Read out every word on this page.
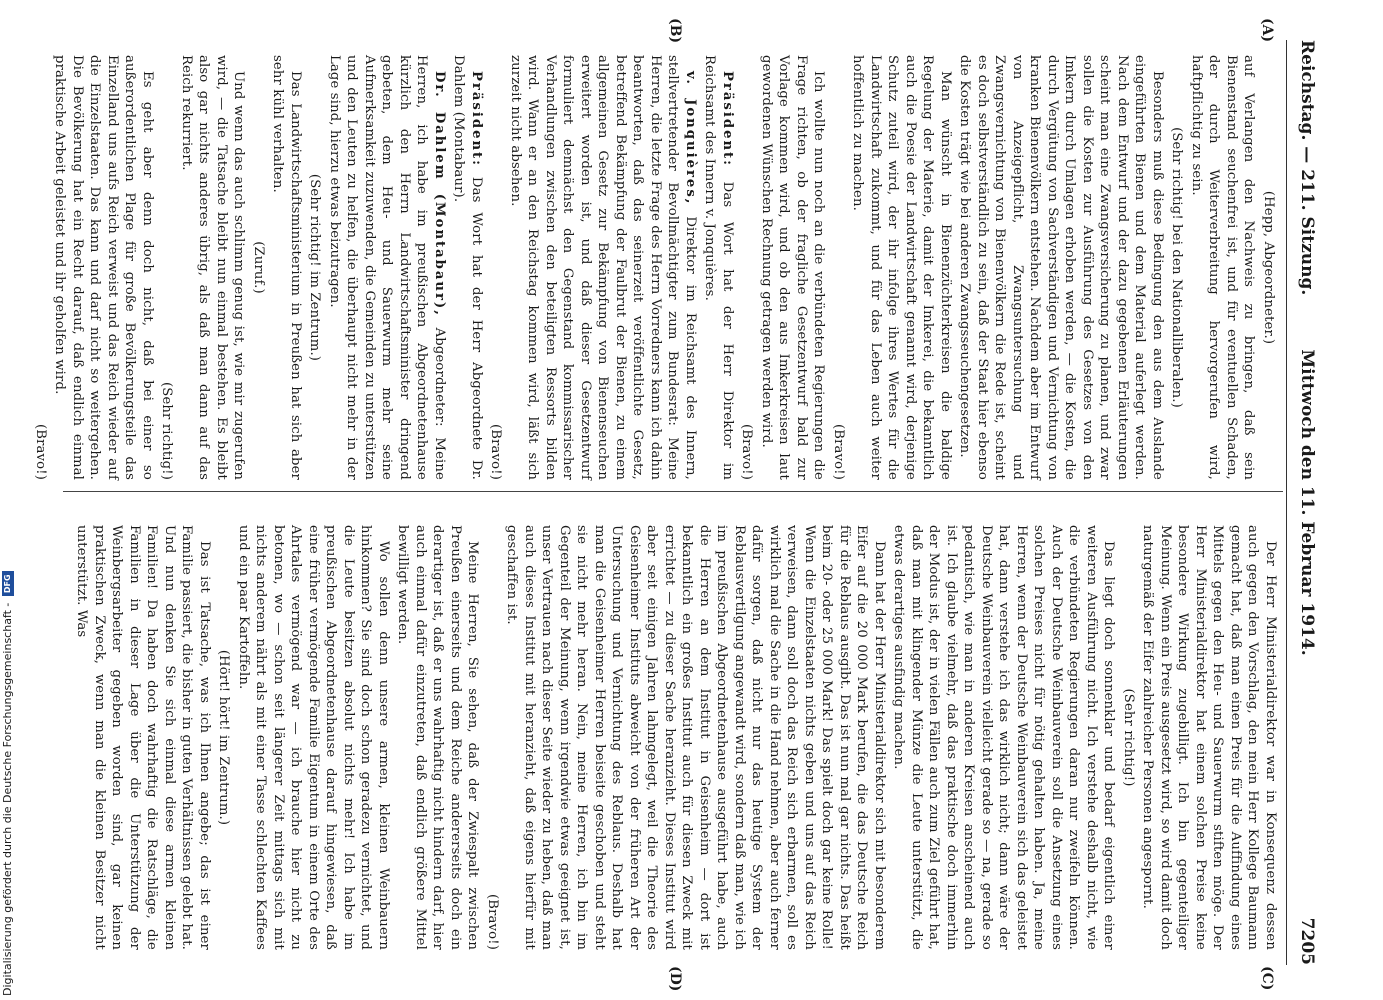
Digitalisierung gefördert durch die Deutsche Forschungsgemeinschaft - DFG
Reichstag. — 211. Sitzung.
Mittwoch den 11. Februar 1914.
7205
(A)
(B)
(C)
(D)

(Hepp, Abgeordneter.)

auf Verlangen den Nachweis zu bringen, daß sein Bienenstand seuchenfrei ist, und für eventuellen Schaden, der durch Weiterverbreitung hervorgerufen wird, haftpflichtig zu sein.

(Sehr richtig! bei den Nationalliberalen.)

Besonders muß diese Bedingung den aus dem Auslande eingeführten Bienen und dem Material auferlegt werden. Nach dem Entwurf und der dazu gegebenen Erläuterungen scheint man eine Zwangsversicherung zu planen, und zwar sollen die Kosten zur Ausführung des Gesetzes von den Imkern durch Umlagen erhoben werden, — die Kosten, die durch Vergütung von Sachverständigen und Vernichtung von kranken Bienenvölkern entstehen. Nachdem aber im Entwurf von Anzeigepflicht, Zwangsuntersuchung und Zwangsvernichtung von Bienenvölkern die Rede ist, scheint es doch selbstverständlich zu sein, daß der Staat hier ebenso die Kosten trägt wie bei anderen Zwangsseuchengesetzen.

Man wünscht in Bienenzüchterkreisen die baldige Regelung der Materie, damit der Imkerei, die bekanntlich auch die Poesie der Landwirtschaft genannt wird, derjenige Schutz zuteil wird, der ihr infolge ihres Wertes für die Landwirtschaft zukommt, und für das Leben auch weiter hoffentlich zu machen.

(Bravo!)

Ich wollte nun noch an die verbündeten Regierungen die Frage richten, ob der fragliche Gesetzentwurf bald zur Vorlage kommen wird, und ob den aus Imkerkreisen laut gewordenen Wünschen Rechnung getragen werden wird.

(Bravo!)

Präsident: Das Wort hat der Herr Direktor im Reichsamt des Innern v. Jonquières.

v. Jonquières, Direktor im Reichsamt des Innern, stellvertretender Bevollmächtigter zum Bundesrat: Meine Herren, die letzte Frage des Herrn Vorredners kann ich dahin beantworten, daß das seinerzeit veröffentlichte Gesetz, betreffend Bekämpfung der Faulbrut der Bienen, zu einem allgemeinen Gesetz zur Bekämpfung von Bienenseuchen erweitert worden ist, und daß dieser Gesetzentwurf formuliert demnächst den Gegenstand kommissarischer Verhandlungen zwischen den beteiligten Ressorts bilden wird. Wann er an den Reichstag kommen wird, läßt sich zurzeit nicht absehen.

(Bravo!)

Präsident: Das Wort hat der Herr Abgeordnete Dr. Dahlem (Montabaur).

Dr. Dahlem (Montabaur), Abgeordneter: Meine Herren, ich habe im preußischen Abgeordnetenhause kürzlich den Herrn Landwirtschaftsminister dringend gebeten, dem Heu- und Sauerwurm mehr seine Aufmerksamkeit zuzuwenden, die Gemeinden zu unterstützen und den Leuten zu helfen, die überhaupt nicht mehr in der Lage sind, hierzu etwas beizutragen.

(Sehr richtig! im Zentrum.)

Das Landwirtschaftsministerium in Preußen hat sich aber sehr kühl verhalten.

(Zuruf.)

Und wenn das auch schlimm genug ist, wie mir zugerufen wird, — die Tatsache bleibt nun einmal bestehen. Es bleibt also gar nichts anderes übrig, als daß man dann auf das Reich rekurriert.

(Sehr richtig!)

Es geht aber denn doch nicht, daß bei einer so außerordentlichen Plage für große Bevölkerungsteile das Einzelland uns aufs Reich verweist und das Reich wieder auf die Einzelstaaten. Das kann und darf nicht so weitergehen. Die Bevölkerung hat ein Recht darauf, daß endlich einmal praktische Arbeit geleistet und ihr geholfen wird.

(Bravo!)

Der Herr Ministerialdirektor war in Konsequenz dessen auch gegen den Vorschlag, den mein Herr Kollege Baumann gemacht hat, daß man einen Preis für die Auffindung eines Mittels gegen den Heu- und Sauerwurm stiften möge. Der Herr Ministerialdirektor hat einem solchen Preise keine besondere Wirkung zugebilligt. Ich bin gegenteiliger Meinung. Wenn ein Preis ausgesetzt wird, so wird damit doch naturgemäß der Eifer zahlreicher Personen angespornt.

(Sehr richtig!)

Das liegt doch sonnenklar und bedarf eigentlich einer weiteren Ausführung nicht. Ich verstehe deshalb nicht, wie die verbündeten Regierungen daran nur zweifeln können. Auch der Deutsche Weinbauverein soll die Ansetzung eines solchen Preises nicht für nötig gehalten haben. Ja, meine Herren, wenn der Deutsche Weinbauverein sich das geleistet hat, dann verstehe ich das wirklich nicht; dann wäre der Deutsche Weinbauverein vielleicht gerade so — na, gerade so pedantisch, wie man in anderen Kreisen anscheinend auch ist. Ich glaube vielmehr, daß das praktische doch immerhin der Modus ist, der in vielen Fällen auch zum Ziel geführt hat, daß man mit klingender Münze die Leute unterstützt, die etwas derartiges ausfindig machen.

Dann hat der Herr Ministerialdirektor sich mit besonderem Eifer auf die 20 000 Mark berufen, die das Deutsche Reich für die Reblaus ausgibt. Das ist nun mal gar nichts. Das heißt beim 20- oder 25 000 Mark! Das spielt doch gar keine Rolle! Wenn die Einzelstaaten nichts geben und uns auf das Reich verweisen, dann soll doch das Reich sich erbarmen, soll es wirklich mal die Sache in die Hand nehmen, aber auch ferner dafür sorgen, daß nicht nur das heutige System der Reblausvertilgung angewandt wird, sondern daß man, wie ich im preußischen Abgeordnetenhause ausgeführt habe, auch die Herren an dem Institut in Geisenheim — dort ist bekanntlich ein großes Institut auch für diesen Zweck mit errichtet — zu dieser Sache heranzieht. Dieses Institut wird aber seit einigen Jahren lahmgelegt, weil die Theorie des Geisenheimer Instituts abweicht von der früheren Art der Untersuchung und Vernichtung des Reblaus. Deshalb hat man die Geisenheimer Herren beiseite geschoben und steht sie nicht mehr heran. Nein, meine Herren, ich bin im Gegenteil der Meinung, wenn irgendwie etwas geeignet ist, unser Vertrauen nach dieser Seite wieder zu heben, daß man auch dieses Institut mit heranzieht, daß eigens hierfür mit geschaffen ist.

(Bravo!)

Meine Herren, Sie sehen, daß der Zwiespalt zwischen Preußen einerseits und dem Reiche andererseits doch ein derartiger ist, daß er uns wahrhaftig nicht hindern darf, hier auch einmal dafür einzutreten, daß endlich größere Mittel bewilligt werden.

Wo sollen denn unsere armen, kleinen Weinbauern hinkommen? Sie sind doch schon geradezu vernichtet, und die Leute besitzen absolut nichts mehr! Ich habe im preußischen Abgeordnetenhause darauf hingewiesen, daß eine früher vermögende Familie Eigentum in einem Orte des Ahrtales vermögend war — ich brauche hier nicht zu betonen, wo — schon seit längerer Zeit mittags sich mit nichts anderem nährt als mit einer Tasse schlechten Kaffees und ein paar Kartoffeln.

(Hört! hört! im Zentrum.)

Das ist Tatsache, was ich Ihnen angebe; das ist einer Familie passiert, die bisher in guten Verhältnissen gelebt hat. Und nun denken Sie sich einmal diese armen kleinen Familien! Da haben doch wahrhaftig die Ratschläge, die Familien in dieser Lage über die Unterstützung der Weinbergsarbeiter gegeben worden sind, gar keinen praktischen Zweck, wenn man die kleinen Besitzer nicht unterstützt. Was
